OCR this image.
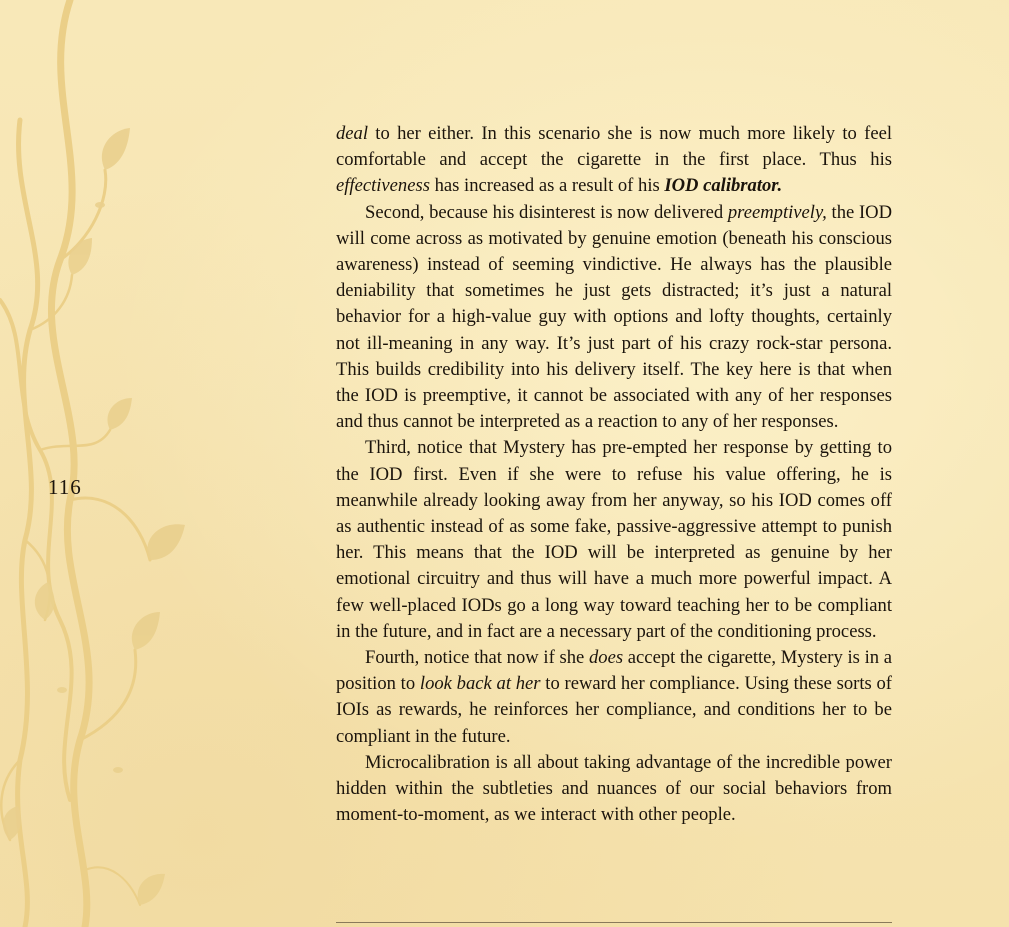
116

deal to her either. In this scenario she is now much more likely to feel comfortable and accept the cigarette in the first place. Thus his effectiveness has increased as a result of his IOD calibrator.

Second, because his disinterest is now delivered preemptively, the IOD will come across as motivated by genuine emotion (beneath his conscious awareness) instead of seeming vindictive. He always has the plausible deniability that sometimes he just gets distracted; it’s just a natural behavior for a high-value guy with options and lofty thoughts, certainly not ill-meaning in any way. It’s just part of his crazy rock-star persona. This builds credibility into his delivery itself. The key here is that when the IOD is preemptive, it cannot be associated with any of her responses and thus cannot be interpreted as a reaction to any of her responses.

Third, notice that Mystery has pre-empted her response by getting to the IOD first. Even if she were to refuse his value offering, he is meanwhile already looking away from her anyway, so his IOD comes off as authentic instead of as some fake, passive-aggressive attempt to punish her. This means that the IOD will be interpreted as genuine by her emotional circuitry and thus will have a much more powerful impact. A few well-placed IODs go a long way toward teaching her to be compliant in the future, and in fact are a necessary part of the conditioning process.

Fourth, notice that now if she does accept the cigarette, Mystery is in a position to look back at her to reward her compliance. Using these sorts of IOIs as rewards, he reinforces her compliance, and conditions her to be compliant in the future.

Microcalibration is all about taking advantage of the incredible power hidden within the subtleties and nuances of our social behaviors from moment-to-moment, as we interact with other people.
